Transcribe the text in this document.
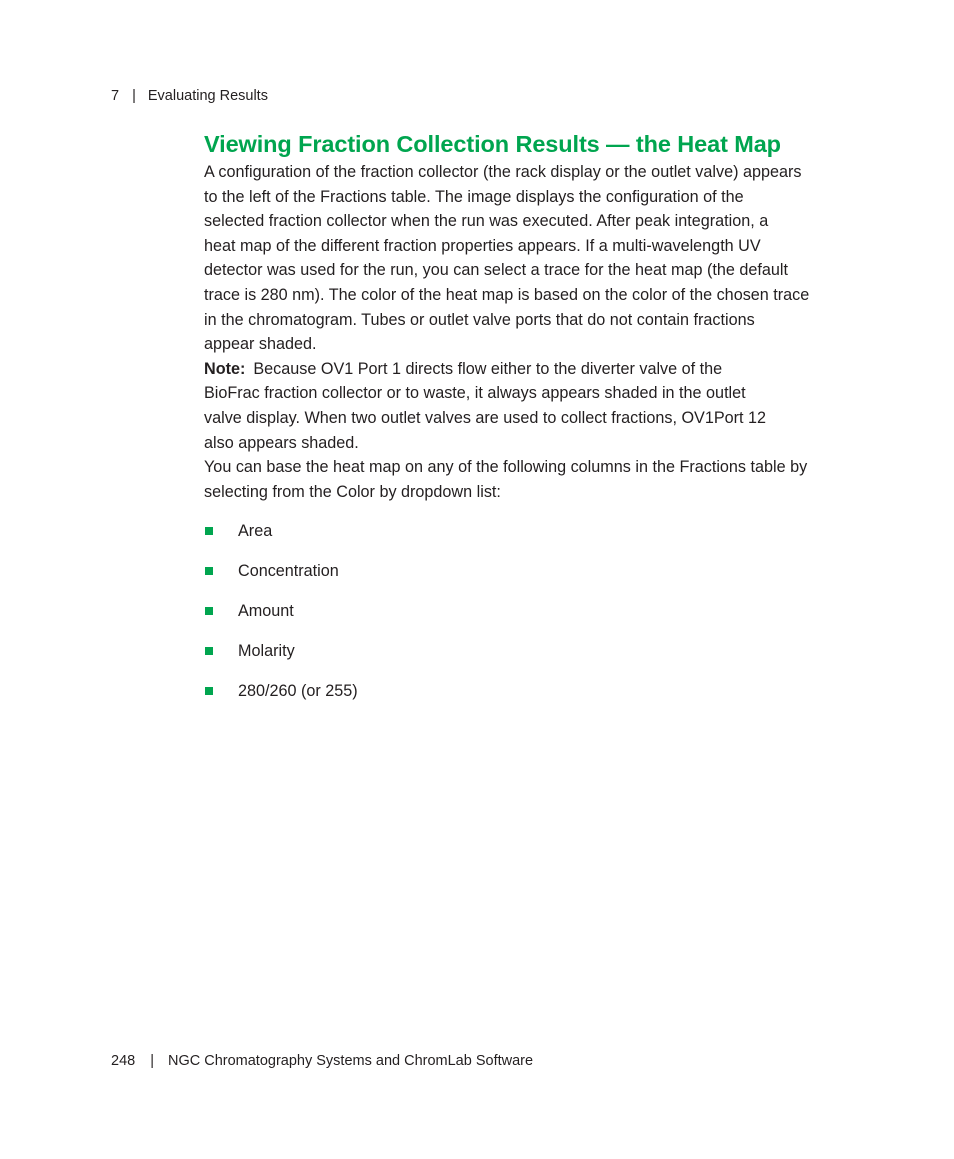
7 | Evaluating Results
Viewing Fraction Collection Results — the Heat Map

A configuration of the fraction collector (the rack display or the outlet valve) appears
to the left of the Fractions table. The image displays the configuration of the
selected fraction collector when the run was executed. After peak integration, a
heat map of the different fraction properties appears. If a multi-wavelength UV
detector was used for the run, you can select a trace for the heat map (the default
trace is 280 nm). The color of the heat map is based on the color of the chosen trace
in the chromatogram. Tubes or outlet valve ports that do not contain fractions
appear shaded.

Note: Because OV1 Port 1 directs flow either to the diverter valve of the
BioFrac fraction collector or to waste, it always appears shaded in the outlet
valve display. When two outlet valves are used to collect fractions, OV1Port 12
also appears shaded.

You can base the heat map on any of the following columns in the Fractions table by
selecting from the Color by dropdown list:

Area
Concentration
Amount
Molarity
280/260 (or 255)
248 | NGC Chromatography Systems and ChromLab Software
